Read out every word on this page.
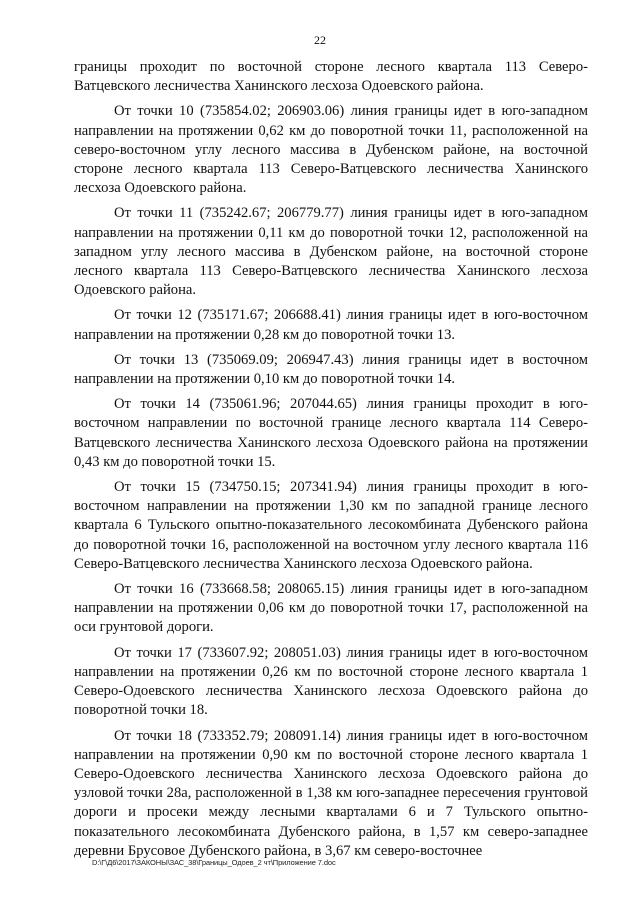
22

границы проходит по восточной стороне лесного квартала 113 Северо-Ватцевского лесничества Ханинского лесхоза Одоевского района.

От точки 10 (735854.02; 206903.06) линия границы идет в юго-западном направлении на протяжении 0,62 км до поворотной точки 11, расположенной на северо-восточном углу лесного массива в Дубенском районе, на восточной стороне лесного квартала 113 Северо-Ватцевского лесничества Ханинского лесхоза Одоевского района.

От точки 11 (735242.67; 206779.77) линия границы идет в юго-западном направлении на протяжении 0,11 км до поворотной точки 12, расположенной на западном углу лесного массива в Дубенском районе, на восточной стороне лесного квартала 113 Северо-Ватцевского лесничества Ханинского лесхоза Одоевского района.

От точки 12 (735171.67; 206688.41) линия границы идет в юго-восточном направлении на протяжении 0,28 км до поворотной точки 13.

От точки 13 (735069.09; 206947.43) линия границы идет в восточном направлении на протяжении 0,10 км до поворотной точки 14.

От точки 14 (735061.96; 207044.65) линия границы проходит в юго-восточном направлении по восточной границе лесного квартала 114 Северо-Ватцевского лесничества Ханинского лесхоза Одоевского района на протяжении 0,43 км до поворотной точки 15.

От точки 15 (734750.15; 207341.94) линия границы проходит в юго-восточном направлении на протяжении 1,30 км по западной границе лесного квартала 6 Тульского опытно-показательного лесокомбината Дубенского района до поворотной точки 16, расположенной на восточном углу лесного квартала 116 Северо-Ватцевского лесничества Ханинского лесхоза Одоевского района.

От точки 16 (733668.58; 208065.15) линия границы идет в юго-западном направлении на протяжении 0,06 км до поворотной точки 17, расположенной на оси грунтовой дороги.

От точки 17 (733607.92; 208051.03) линия границы идет в юго-восточном направлении на протяжении 0,26 км по восточной стороне лесного квартала 1 Северо-Одоевского лесничества Ханинского лесхоза Одоевского района до поворотной точки 18.

От точки 18 (733352.79; 208091.14) линия границы идет в юго-восточном направлении на протяжении 0,90 км по восточной стороне лесного квартала 1 Северо-Одоевского лесничества Ханинского лесхоза Одоевского района до узловой точки 28а, расположенной в 1,38 км юго-западнее пересечения грунтовой дороги и просеки между лесными кварталами 6 и 7 Тульского опытно-показательного лесокомбината Дубенского района, в 1,57 км северо-западнее деревни Брусовое Дубенского района, в 3,67 км северо-восточнее

D:\Г\Д6\2017\ЗАКОНЫ\ЗАС_38\Границы_Одоев_2 чт\Приложение 7.doc
